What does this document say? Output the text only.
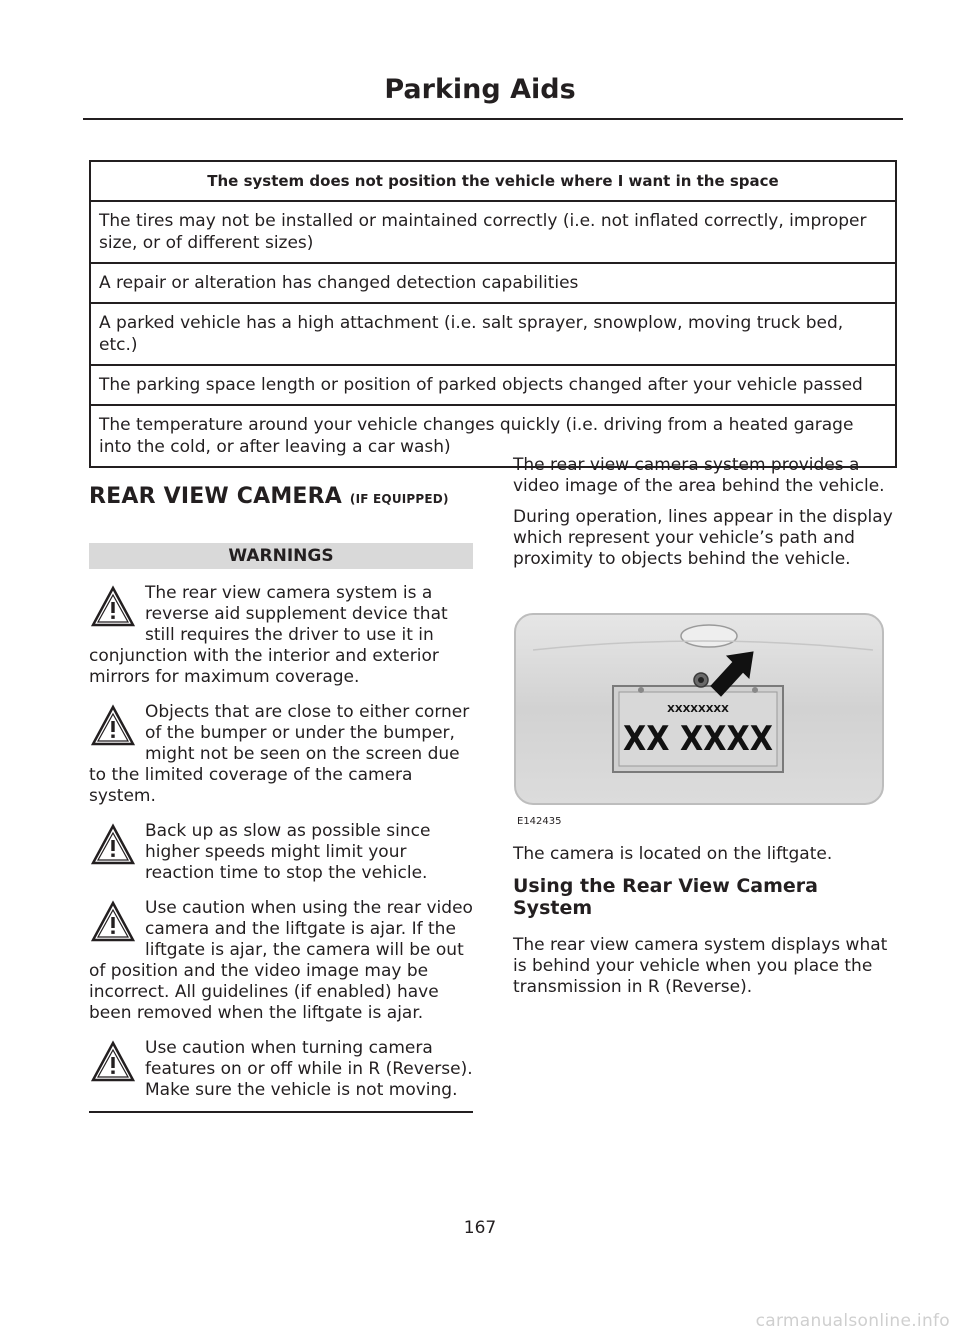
Parking Aids
The system does not position the vehicle where I want in the space
The tires may not be installed or maintained correctly (i.e. not inflated correctly, improper size, or of different sizes)
A repair or alteration has changed detection capabilities
A parked vehicle has a high attachment (i.e. salt sprayer, snowplow, moving truck bed, etc.)
The parking space length or position of parked objects changed after your vehicle passed
The temperature around your vehicle changes quickly (i.e. driving from a heated garage into the cold, or after leaving a car wash)
REAR VIEW CAMERA (IF EQUIPPED)
WARNINGS
The rear view camera system is a reverse aid supplement device that still requires the driver to use it in conjunction with the interior and exterior mirrors for maximum coverage.
Objects that are close to either corner of the bumper or under the bumper, might not be seen on the screen due to the limited coverage of the camera system.
Back up as slow as possible since higher speeds might limit your reaction time to stop the vehicle.
Use caution when using the rear video camera and the liftgate is ajar. If the liftgate is ajar, the camera will be out of position and the video image may be incorrect. All guidelines (if enabled) have been removed when the liftgate is ajar.
Use caution when turning camera features on or off while in R (Reverse). Make sure the vehicle is not moving.

The rear view camera system provides a video image of the area behind the vehicle.

During operation, lines appear in the display which represent your vehicle’s path and proximity to objects behind the vehicle.

XXXXXXXX
XX XXXX
E142435

The camera is located on the liftgate.

Using the Rear View Camera System

The rear view camera system displays what is behind your vehicle when you place the transmission in R (Reverse).

167
carmanualsonline.info
